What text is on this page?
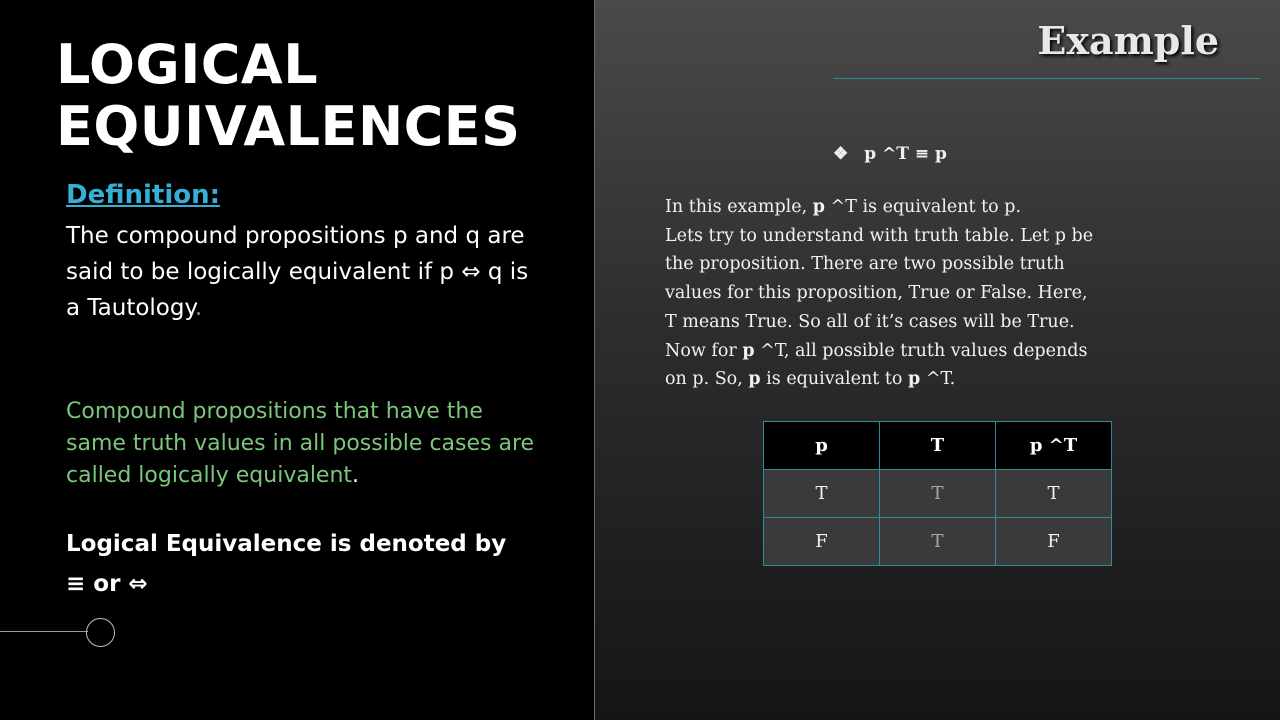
LOGICAL
EQUIVALENCES
Definition:
The compound propositions p and q are said to be logically equivalent if p ⇔ q is a Tautology.
Compound propositions that have the same truth values in all possible cases are called logically equivalent.
Logical Equivalence is denoted by
≡ or ⇔
Example
❖ p ^T ≡ p
In this example, p ^T is equivalent to p.
Lets try to understand with truth table. Let p be
the proposition. There are two possible truth
values for this proposition, True or False. Here,
T means True. So all of it’s cases will be True.
Now for p ^T, all possible truth values depends
on p. So, p is equivalent to p ^T.
p	T	p ^T
T	T	T
F	T	F
